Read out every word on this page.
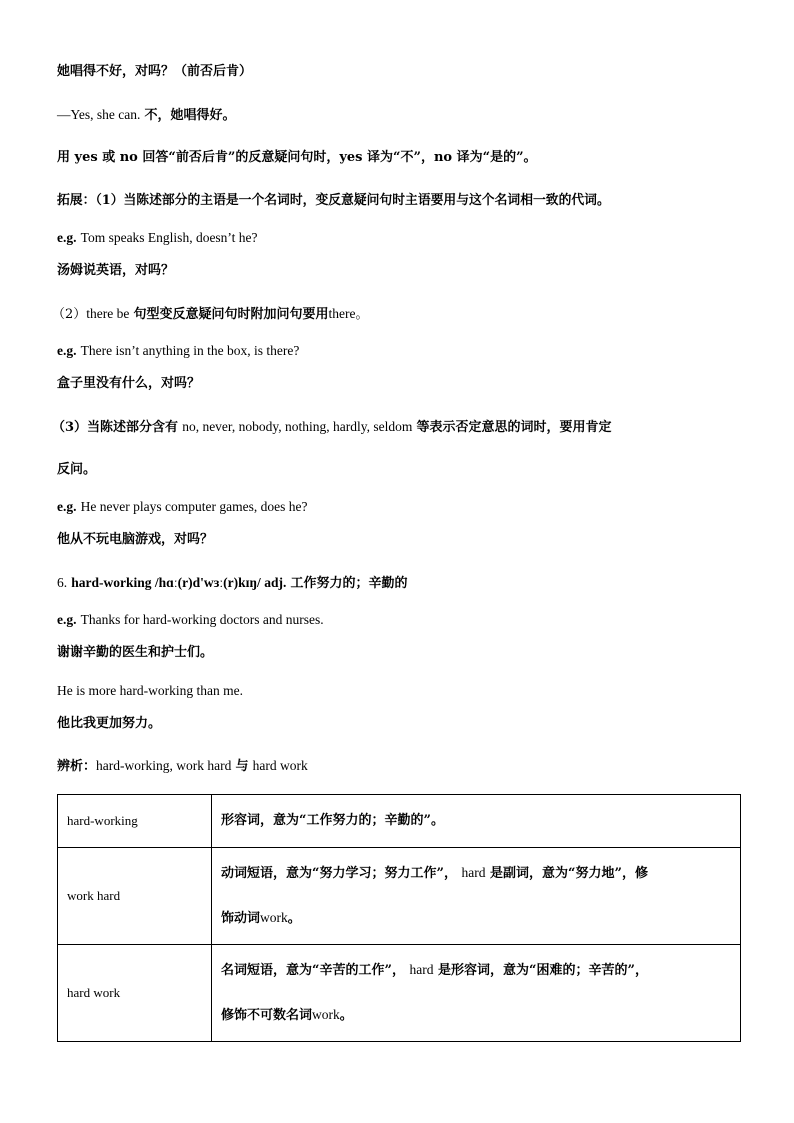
她唱得不好，对吗？（前否后肯）
—Yes, she can. 不，她唱得好。
用 yes 或 no 回答“前否后肯”的反意疑问句时，yes 译为“不”，no 译为“是的”。
拓展：（1）当陈述部分的主语是一个名词时，变反意疑问句时主语要用与这个名词相一致的代词。
e.g. Tom speaks English, doesn’t he?
汤姆说英语，对吗？
（2）there be 句型变反意疑问句时附加问句要用there。
e.g. There isn’t anything in the box, is there?
盒子里没有什么，对吗？
（3）当陈述部分含有 no, never, nobody, nothing, hardly, seldom 等表示否定意思的词时，要用肯定
反问。
e.g. He never plays computer games, does he?
他从不玩电脑游戏，对吗？
6. hard-working /hɑː(r)d'wɜː(r)kɪŋ/ adj. 工作努力的；辛勤的
e.g. Thanks for hard-working doctors and nurses.
谢谢辛勤的医生和护士们。
He is more hard-working than me.
他比我更加努力。
辨析：hard-working, work hard 与 hard work
hard-working	形容词，意为“工作努力的；辛勤的”。
work hard	动词短语，意为“努力学习；努力工作”， hard 是副词，意为“努力地”，修
饰动词work。

hard work	名词短语，意为“辛苦的工作”， hard 是形容词，意为“困难的；辛苦的”，
修饰不可数名词work。
